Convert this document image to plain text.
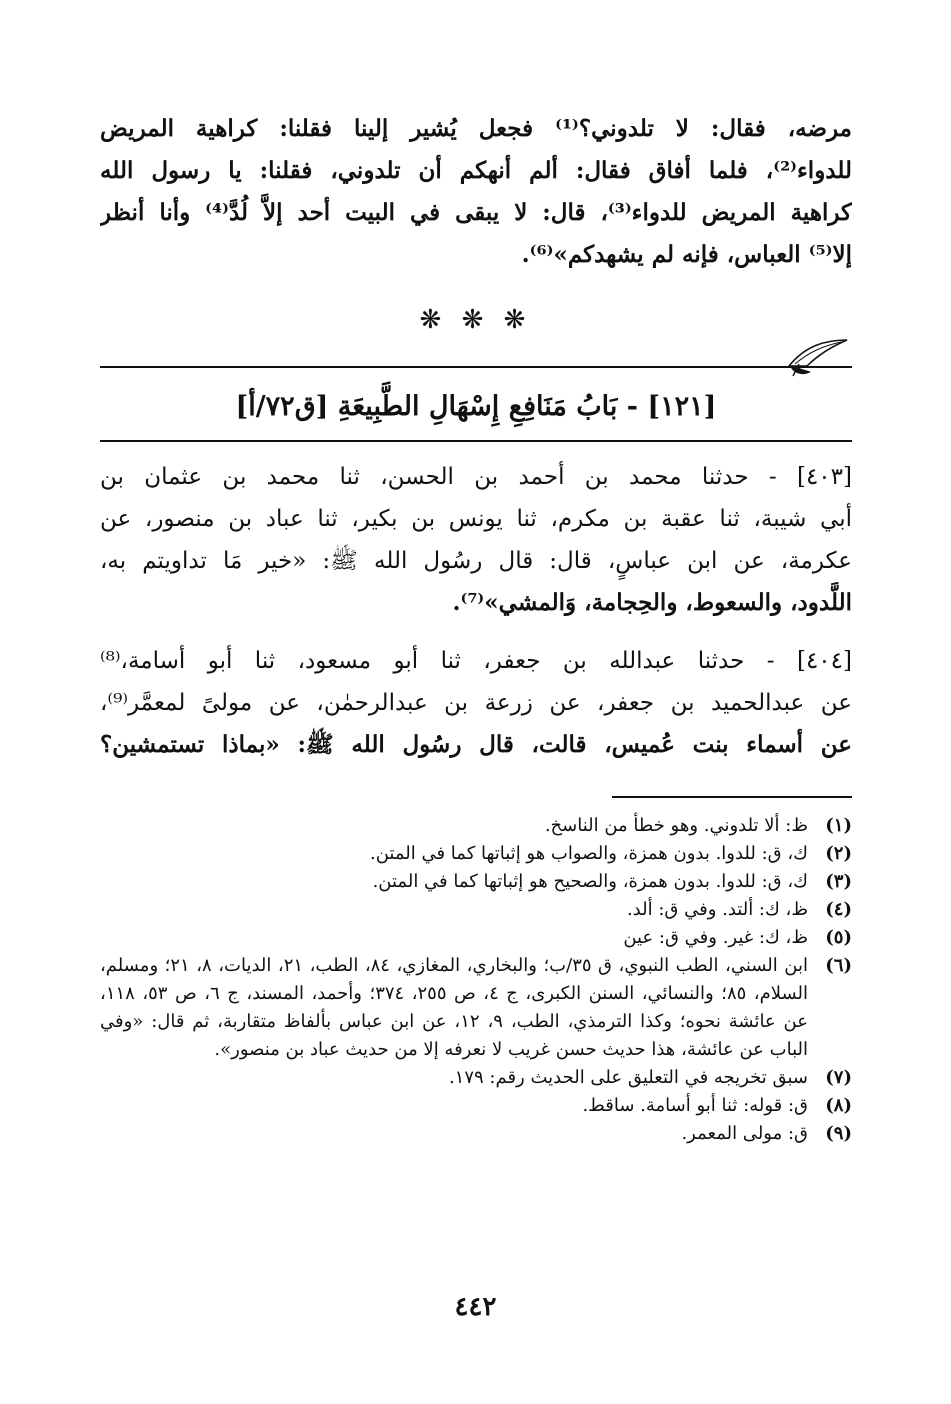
مرضه، فقال: لا تلدوني؟⁽¹⁾ فجعل يُشير إلينا فقلنا: كراهية المريض
للدواء⁽²⁾، فلما أفاق فقال: ألم أنهكم أن تلدوني، فقلنا: يا رسول الله
كراهية المريض للدواء⁽³⁾، قال: لا يبقى في البيت أحد إلاَّ لُدَّ⁽⁴⁾ وأنا أنظر
إلا⁽⁵⁾ العباس، فإنه لم يشهدكم»⁽⁶⁾.
❋ ❋ ❋
[١٢١] - بَابُ مَنَافِعِ إِسْهَالِ الطَّبِيعَةِ [ق٧٢/أ]
[٤٠٣] - حدثنا محمد بن أحمد بن الحسن، ثنا محمد بن عثمان بن
أبي شيبة، ثنا عقبة بن مكرم، ثنا يونس بن بكير، ثنا عباد بن منصور، عن
عكرمة، عن ابن عباسٍ، قال: قال رسُول الله ﷺ: «خير مَا تداويتم به،
اللَّدود، والسعوط، والحِجامة، وَالمشي»⁽⁷⁾.
[٤٠٤] - حدثنا عبدالله بن جعفر، ثنا أبو مسعود، ثنا أبو أسامة،⁽⁸⁾
عن عبدالحميد بن جعفر، عن زرعة بن عبدالرحمٰن، عن مولىً لمعمَّر⁽⁹⁾،
عن أسماء بنت عُميس، قالت، قال رسُول الله ﷺ: «بماذا تستمشين؟
(١)
ظ: ألا تلدوني. وهو خطأ من الناسخ.
(٢)
ك، ق: للدوا. بدون همزة، والصواب هو إثباتها كما في المتن.
(٣)
ك، ق: للدوا. بدون همزة، والصحيح هو إثباتها كما في المتن.
(٤)
ظ، ك: ألتد. وفي ق: ألد.
(٥)
ظ، ك: غير. وفي ق: عين
(٦)
ابن السني، الطب النبوي، ق ٣٥/ب؛ والبخاري، المغازي، ٨٤، الطب، ٢١، الديات، ٨، ٢١؛ ومسلم، السلام، ٨٥؛ والنسائي، السنن الكبرى، ج ٤، ص ٢٥٥، ٣٧٤؛ وأحمد، المسند، ج ٦، ص ٥٣، ١١٨، عن عائشة نحوه؛ وكذا الترمذي، الطب، ٩، ١٢، عن ابن عباس بألفاظ متقاربة، ثم قال: «وفي الباب عن عائشة، هذا حديث حسن غريب لا نعرفه إلا من حديث عباد بن منصور».
(٧)
سبق تخريجه في التعليق على الحديث رقم: ١٧٩.
(٨)
ق: قوله: ثنا أبو أسامة. ساقط.
(٩)
ق: مولى المعمر.
٤٤٢
